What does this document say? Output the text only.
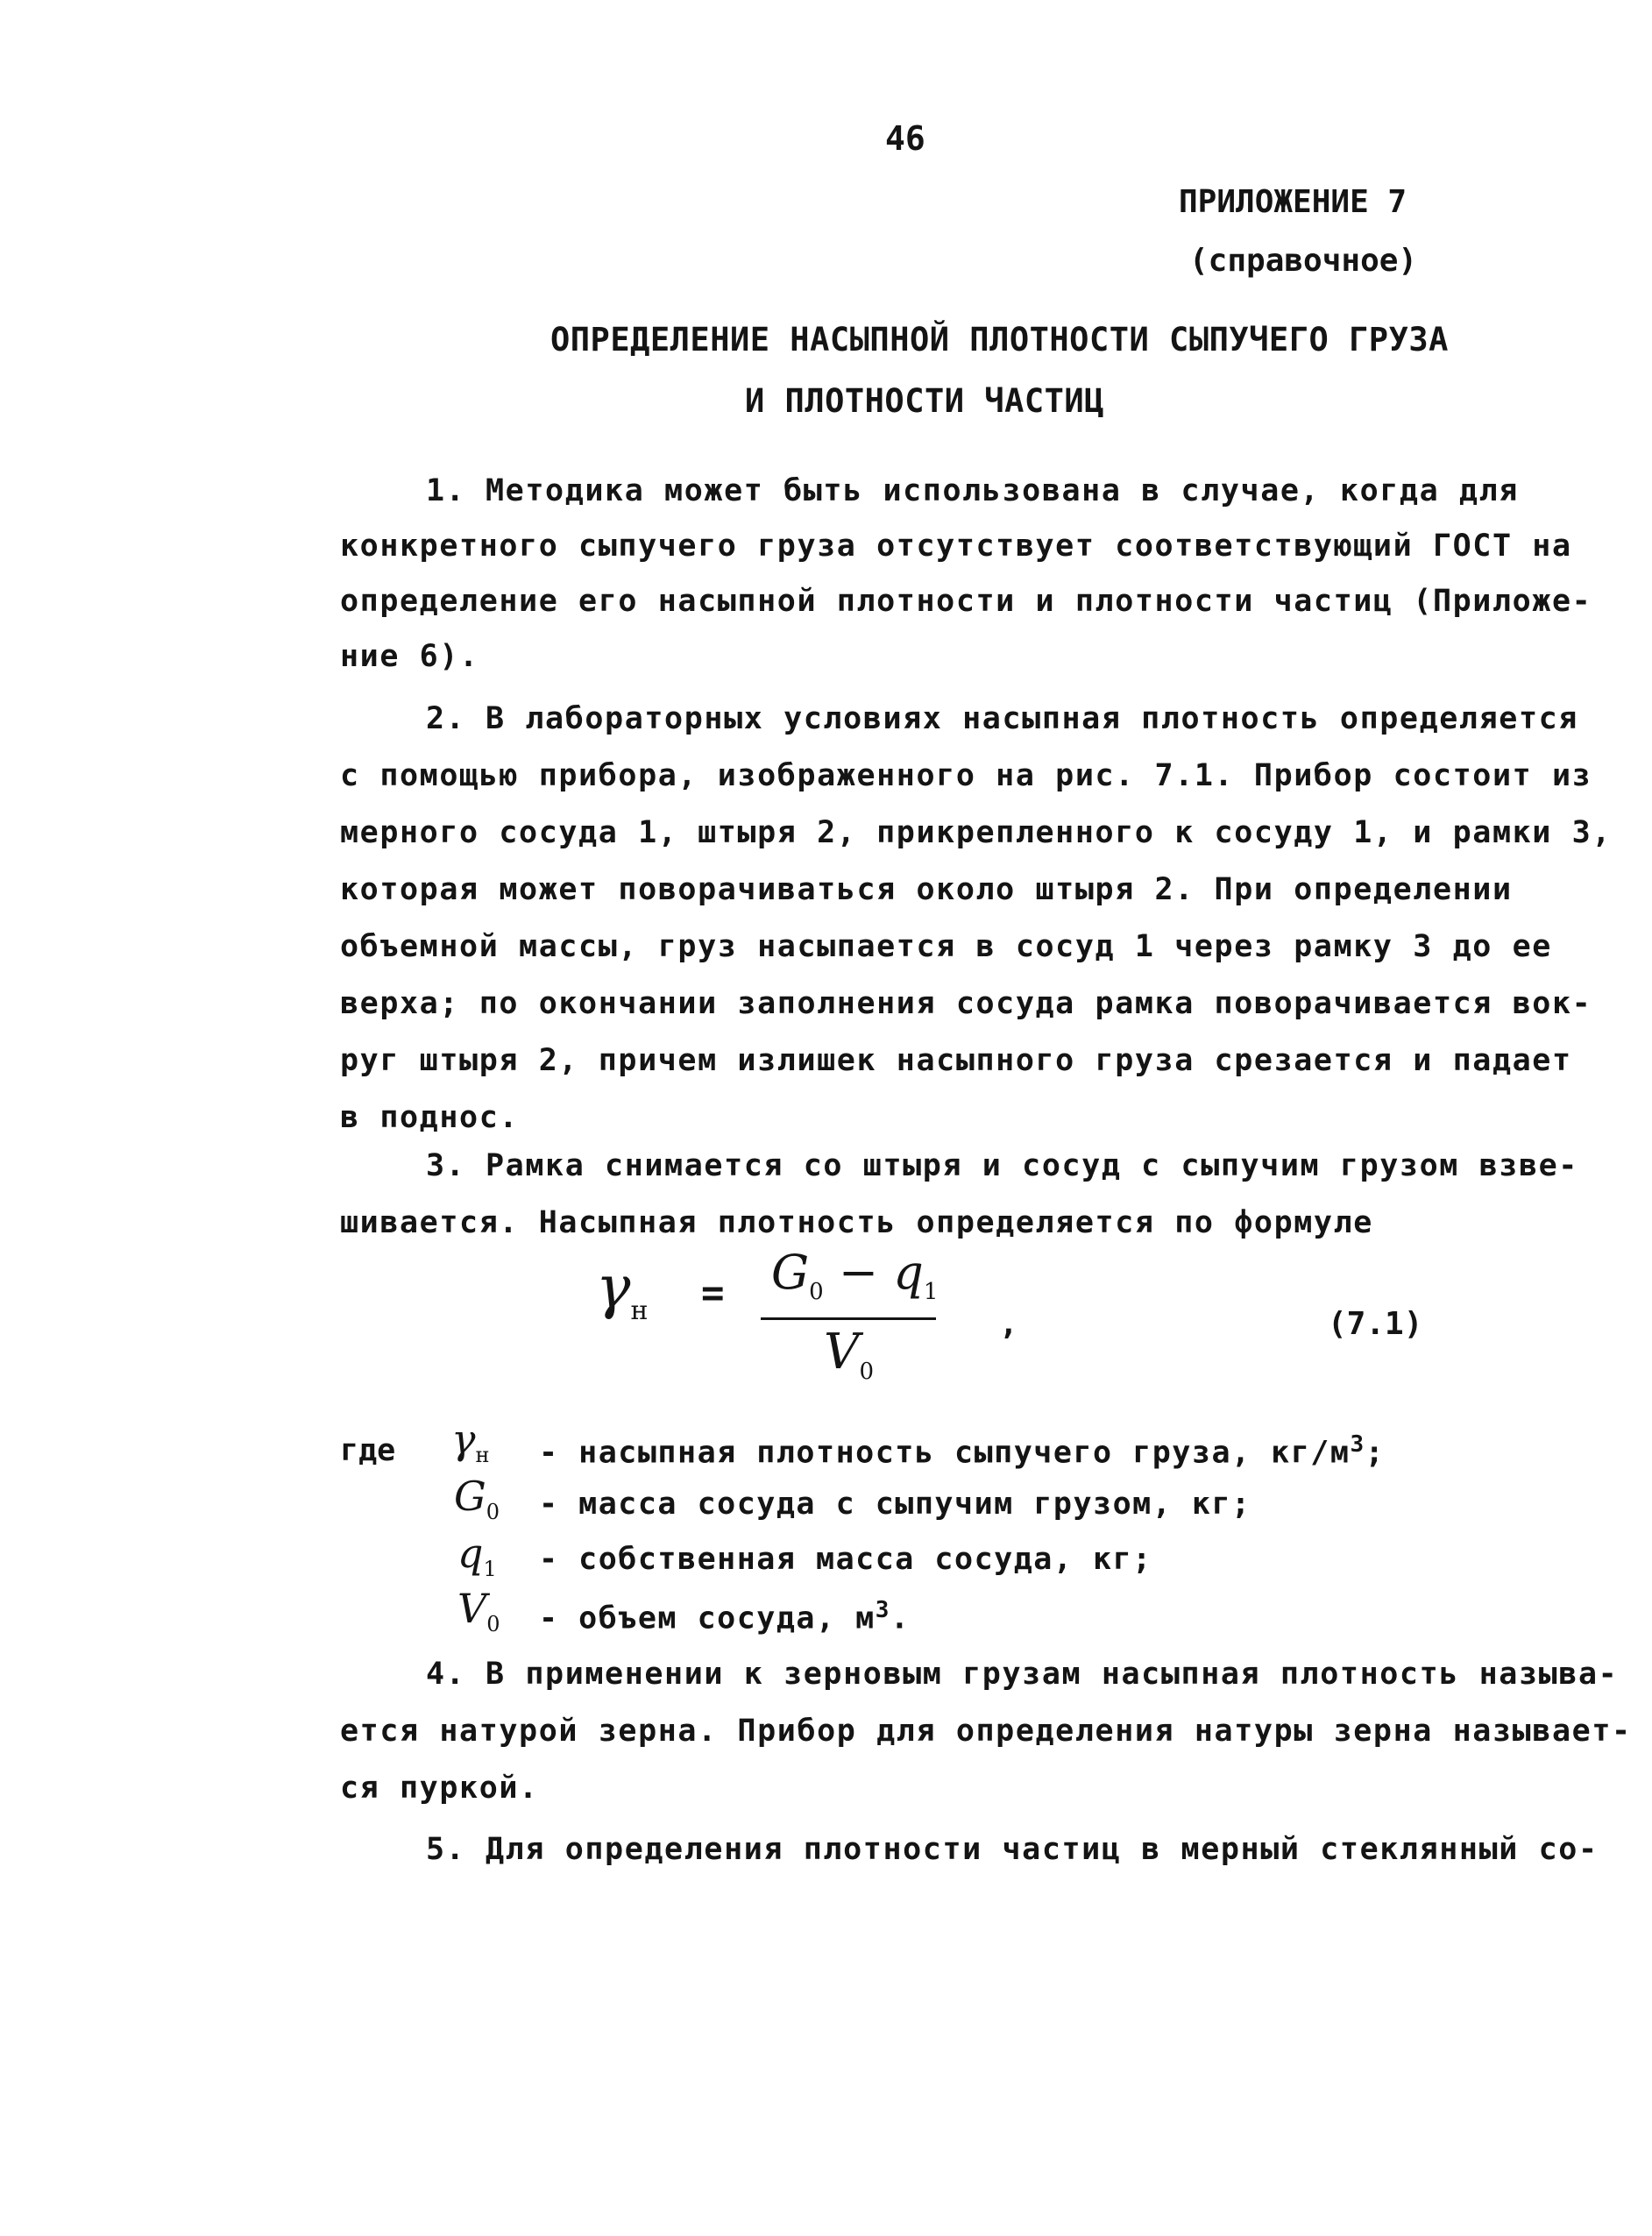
46
ПРИЛОЖЕНИЕ 7
(справочное)
ОПРЕДЕЛЕНИЕ НАСЫПНОЙ ПЛОТНОСТИ СЫПУЧЕГО ГРУЗА
И ПЛОТНОСТИ ЧАСТИЦ
1. Методика может быть использована в случае, когда для
конкретного сыпучего груза отсутствует соответствующий ГОСТ на
определение его насыпной плотности и плотности частиц (Приложе-
ние 6).
2. В лабораторных условиях насыпная плотность определяется
с помощью прибора, изображенного на рис. 7.1. Прибор состоит из
мерного сосуда 1, штыря 2, прикрепленного к сосуду 1, и рамки 3,
которая может поворачиваться около штыря 2. При определении
объемной массы, груз насыпается в сосуд 1 через рамку 3 до ее
верха; по окончании заполнения сосуда рамка поворачивается вок-
руг штыря 2, причем излишек насыпного груза срезается и падает
в поднос.
3. Рамка снимается со штыря и сосуд с сыпучим грузом взве-
шивается. Насыпная плотность определяется по формуле
$\gamma_н = G_0 - q_1$
$V_0$
,	(7.1)
где $\gamma_н$ - насыпная плотность сыпучего груза, $кг/м^3$;
$G_0$ - масса сосуда с сыпучим грузом, кг;
$q_1$ - собственная масса сосуда, кг;
$V_0$ - объем сосуда, $м^3$.
4. В применении к зерновым грузам насыпная плотность называ-
ется натурой зерна. Прибор для определения натуры зерна называет-
ся пуркой.
5. Для определения плотности частиц в мерный стеклянный со-
